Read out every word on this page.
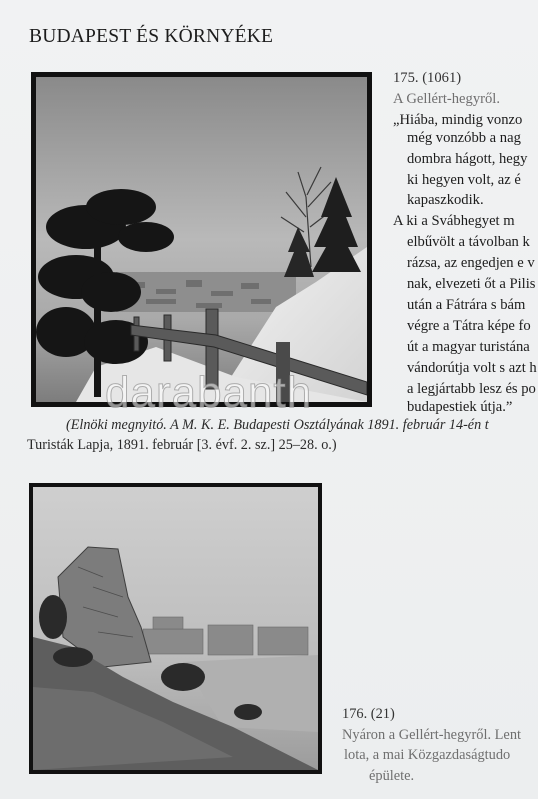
BUDAPEST ÉS KÖRNYÉKE
darabanth
175. (1061)
A Gellért-hegyről.
„Hiába, mindig vonzo
még vonzóbb a nag
dombra hágott, hegy
ki hegyen volt, az é
kapaszkodik.
A ki a Svábhegyet m
elbűvölt a távolban k
rázsa, az engedjen e v
nak, elvezeti őt a Pilis
után a Fátrára s bám
végre a Tátra képe fo
út a magyar turistána
vándorútja volt s azt h
a legjártabb lesz és po
budapestiek útja.”
(Elnöki megnyitó. A M. K. E. Budapesti Osztályának 1891. február 14-én t
Turisták Lapja, 1891. február [3. évf. 2. sz.] 25–28. o.)
176. (21)
Nyáron a Gellért-hegyről. Lent
lota, a mai Közgazdaságtudo
épülete.
